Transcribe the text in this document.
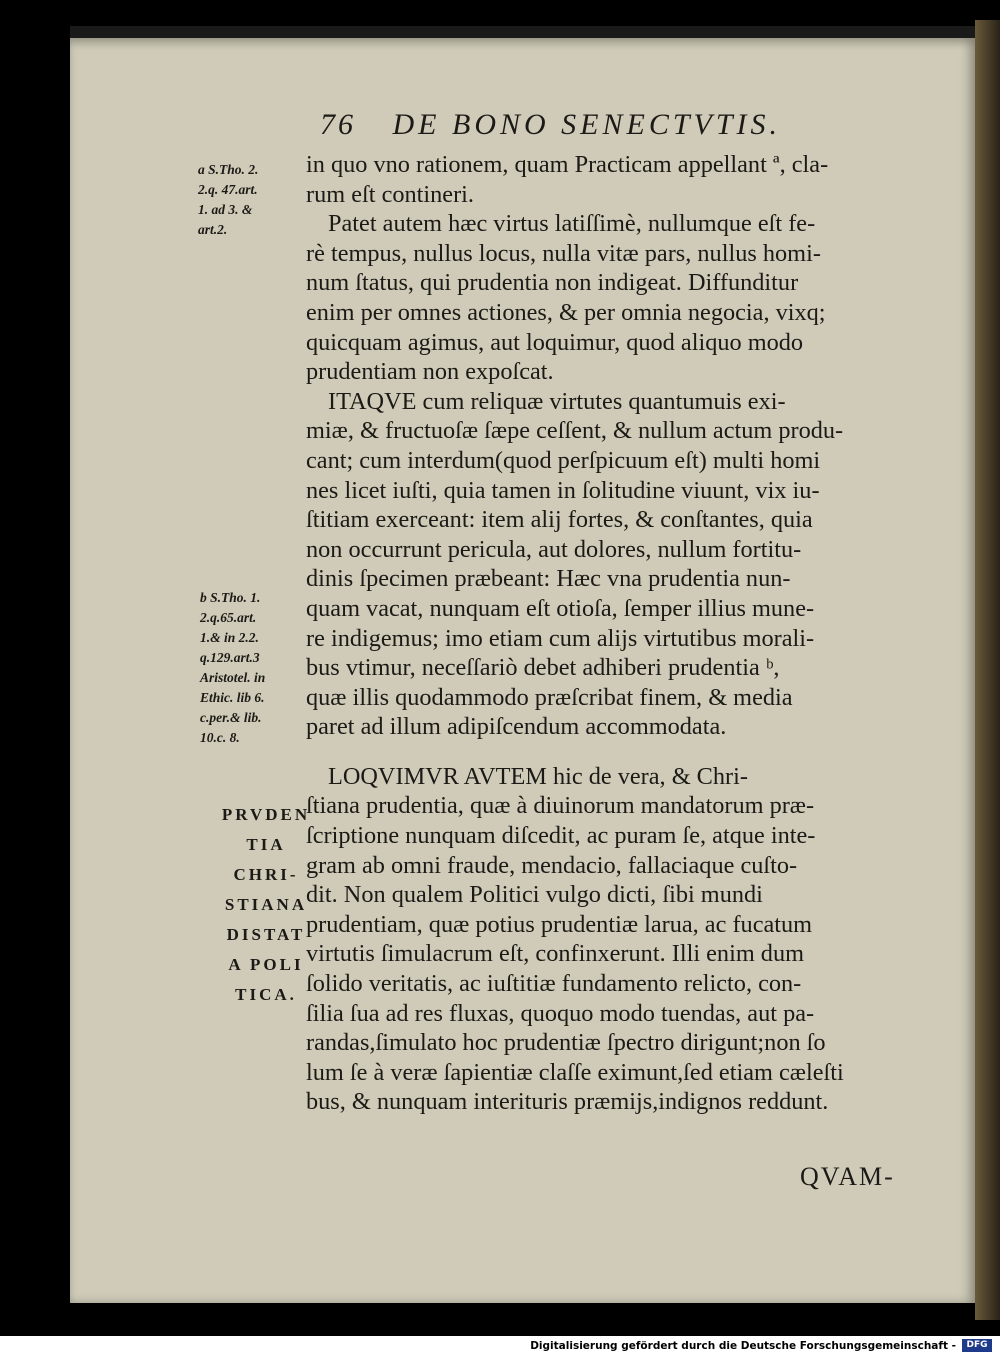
76 DE BONO SENECTVTIS.
a S.Tho. 2.
2.q. 47.art.
1. ad 3. &
art.2.
b S.Tho. 1.
2.q.65.art.
1.& in 2.2.
q.129.art.3
Aristotel. in
Ethic. lib 6.
c.per.& lib.
10.c. 8.
PRVDEN
TIA
CHRI-
STIANA
DISTAT
A POLI
TICA.
in quo vno rationem, quam Practicam appellant ª, cla-
rum eſt contineri.
Patet autem hæc virtus latiſſimè, nullumque eſt fe-
rè tempus, nullus locus, nulla vitæ pars, nullus homi-
num ſtatus, qui prudentia non indigeat. Diffunditur
enim per omnes actiones, & per omnia negocia, vixq;
quicquam agimus, aut loquimur, quod aliquo modo
prudentiam non expoſcat.
ITAQVE cum reliquæ virtutes quantumuis exi-
miæ, & fructuoſæ ſæpe ceſſent, & nullum actum produ-
cant; cum interdum(quod perſpicuum eſt) multi homi
nes licet iuſti, quia tamen in ſolitudine viuunt, vix iu-
ſtitiam exerceant: item alij fortes, & conſtantes, quia
non occurrunt pericula, aut dolores, nullum fortitu-
dinis ſpecimen præbeant: Hæc vna prudentia nun-
quam vacat, nunquam eſt otioſa, ſemper illius mune-
re indigemus; imo etiam cum alijs virtutibus morali-
bus vtimur, neceſſariò debet adhiberi prudentia ᵇ,
quæ illis quodammodo præſcribat finem, & media
paret ad illum adipiſcendum accommodata.
LOQVIMVR AVTEM hic de vera, & Chri-
ſtiana prudentia, quæ à diuinorum mandatorum præ-
ſcriptione nunquam diſcedit, ac puram ſe, atque inte-
gram ab omni fraude, mendacio, fallaciaque cuſto-
dit. Non qualem Politici vulgo dicti, ſibi mundi
prudentiam, quæ potius prudentiæ larua, ac fucatum
virtutis ſimulacrum eſt, confinxerunt. Illi enim dum
ſolido veritatis, ac iuſtitiæ fundamento relicto, con-
ſilia ſua ad res fluxas, quoquo modo tuendas, aut pa-
randas,ſimulato hoc prudentiæ ſpectro dirigunt;non ſo
lum ſe à veræ ſapientiæ claſſe eximunt,ſed etiam cæleſti
bus, & nunquam interituris præmijs,indignos reddunt.
QVAM-
Digitalisierung gefördert durch die Deutsche Forschungsgemeinschaft -	DFG
